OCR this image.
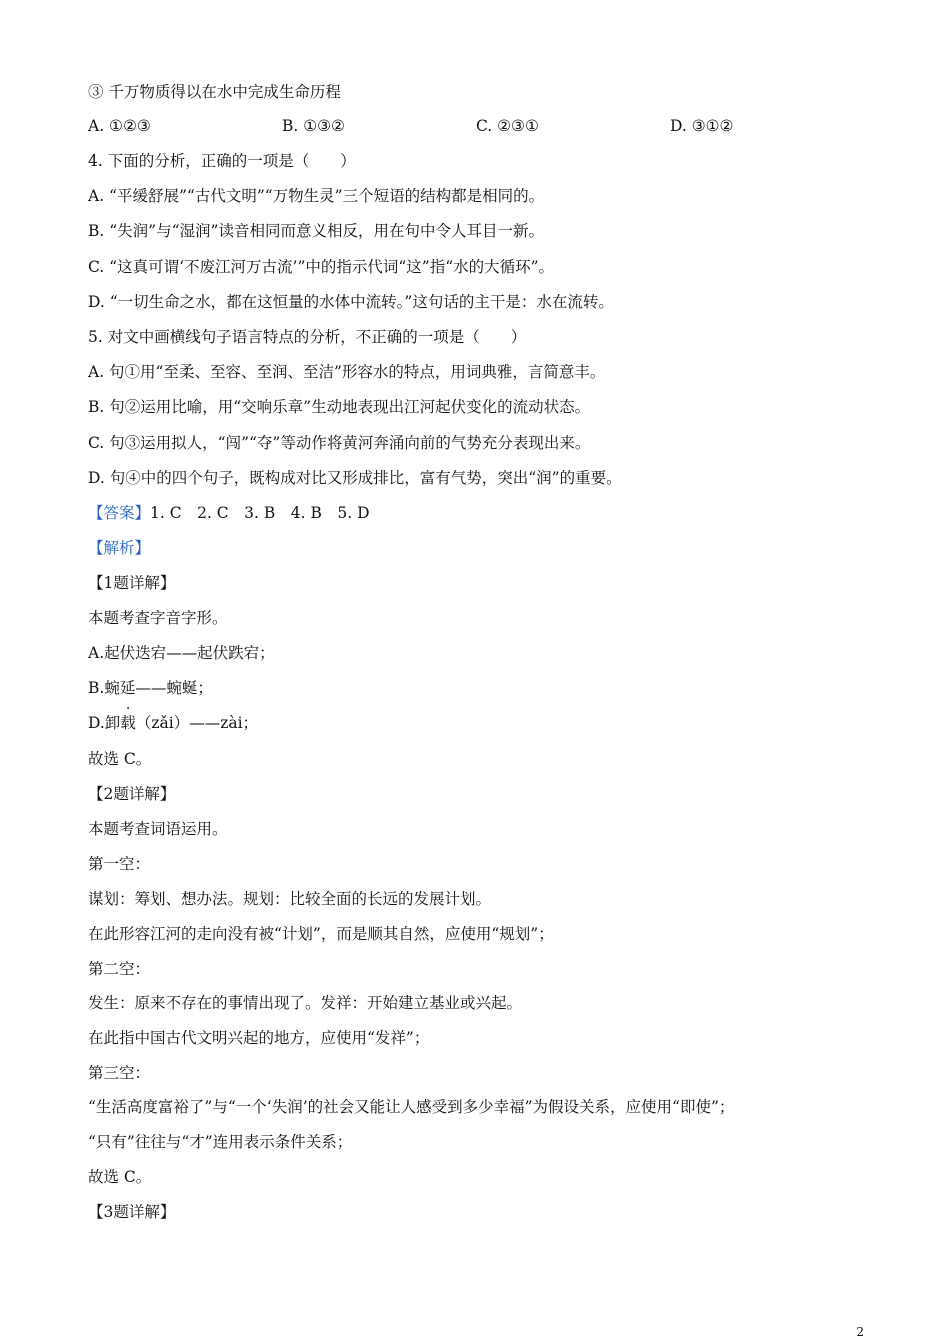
③ 千万物质得以在水中完成生命历程
A. ①②③	B. ①③②	C. ②③①	D. ③①②
4. 下面的分析，正确的一项是（　　）
A. “平缓舒展”“古代文明”“万物生灵”三个短语的结构都是相同的。
B. “失润”与“湿润”读音相同而意义相反，用在句中令人耳目一新。
C. “这真可谓‘不废江河万古流’”中的指示代词“这”指“水的大循环”。
D. “一切生命之水，都在这恒量的水体中流转。”这句话的主干是：水在流转。
5. 对文中画横线句子语言特点的分析，不正确的一项是（　　）
A. 句①用“至柔、至容、至润、至洁”形容水的特点，用词典雅，言简意丰。
B. 句②运用比喻，用“交响乐章”生动地表现出江河起伏变化的流动状态。
C. 句③运用拟人，“闯”“夺”等动作将黄河奔涌向前的气势充分表现出来。
D. 句④中的四个句子，既构成对比又形成排比，富有气势，突出“润”的重要。
【答案】1. C　2. C　3. B　4. B　5. D
【解析】
【1题详解】
本题考查字音字形。
A.起伏迭宕——起伏跌宕；
B.蜿延——蜿蜒；
D.卸载（zǎi）——zài；
故选 C。
【2题详解】
本题考查词语运用。
第一空：
谋划：筹划、想办法。规划：比较全面的长远的发展计划。
在此形容江河的走向没有被“计划”，而是顺其自然，应使用“规划”；
第二空：
发生：原来不存在的事情出现了。发祥：开始建立基业或兴起。
在此指中国古代文明兴起的地方，应使用“发祥”；
第三空：
“生活高度富裕了”与“一个‘失润’的社会又能让人感受到多少幸福”为假设关系，应使用“即使”；
“只有”往往与“才”连用表示条件关系；
故选 C。
【3题详解】
2
